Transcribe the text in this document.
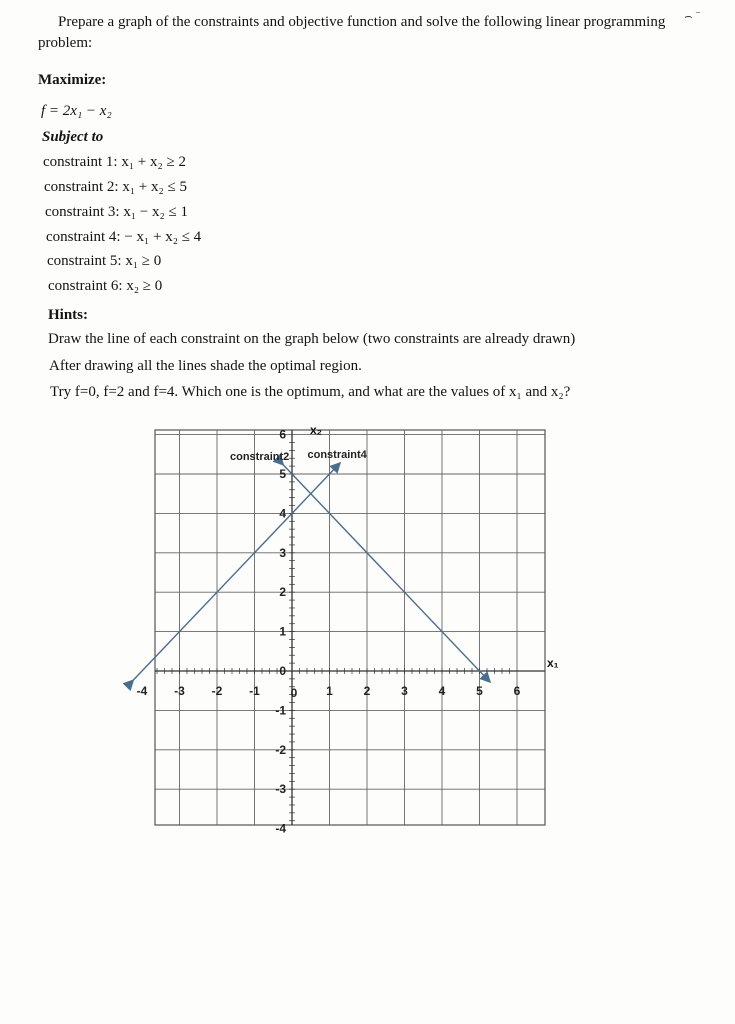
Prepare a graph of the constraints and objective function and solve the following linear programming problem:
⌢ ⁻
Maximize:
f = 2x₁ − x₂
Subject to
constraint 1: x₁ + x₂ ≥ 2
constraint 2: x₁ + x₂ ≤ 5
constraint 3: x₁ − x₂ ≤ 1
constraint 4: − x₁ + x₂ ≤ 4
constraint 5: x₁ ≥ 0
constraint 6: x₂ ≥ 0
Hints:
Draw the line of each constraint on the graph below (two constraints are already drawn)
After drawing all the lines shade the optimal region.
Try f=0, f=2 and f=4. Which one is the optimum, and what are the values of x₁ and x₂?
-4 -3 -2 -1	0 1	2	3	4	5	6
6
5
4
3
2
1
0
-1
-2
-3
-4
x₁
x₂
constraint2 constraint4
